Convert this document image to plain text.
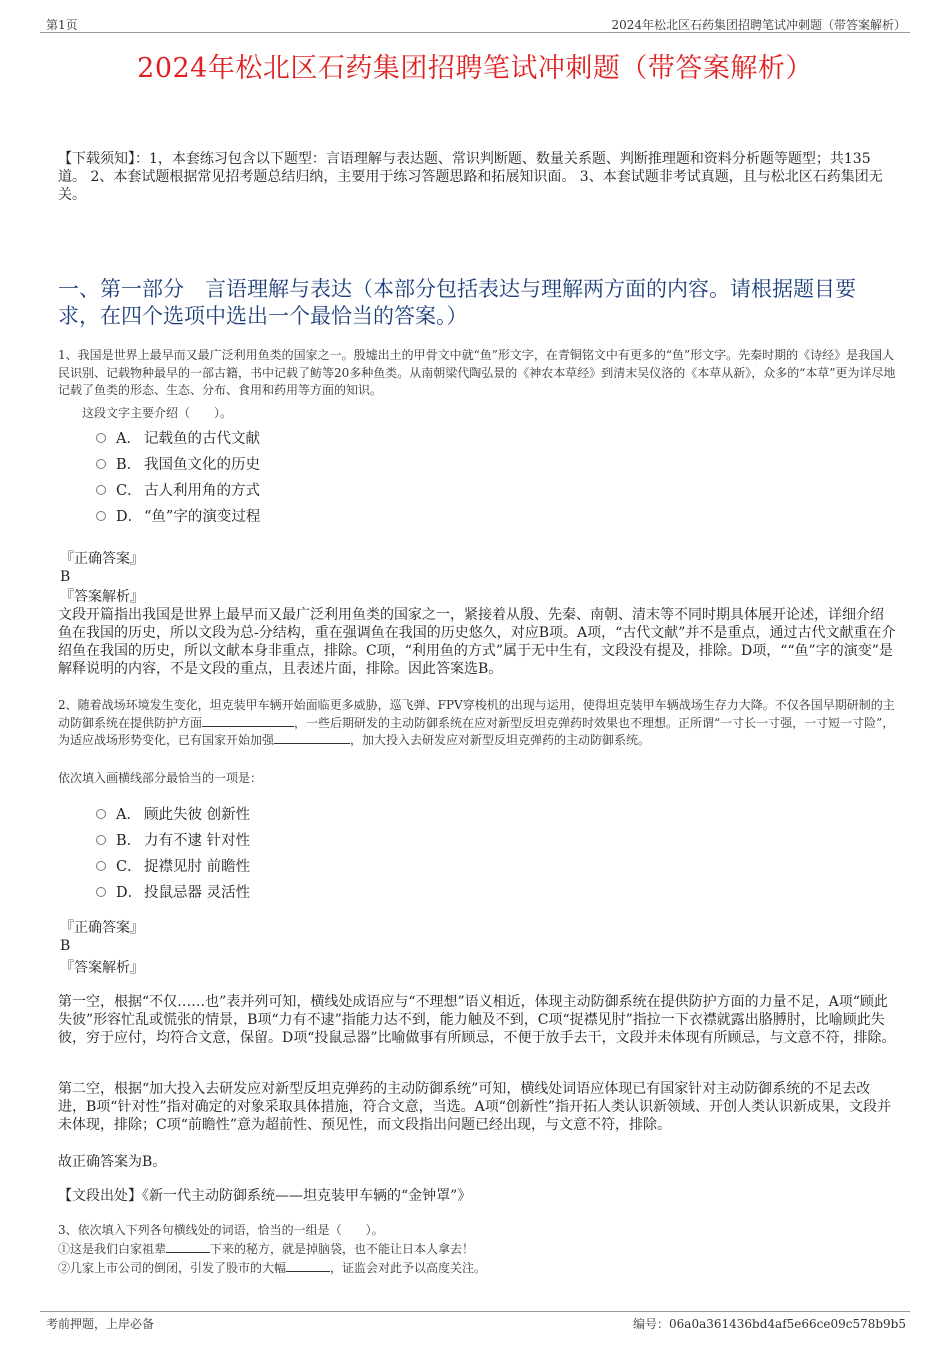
第1页	2024年松北区石药集团招聘笔试冲刺题（带答案解析）
2024年松北区石药集团招聘笔试冲刺题（带答案解析）
【下载须知】：1，本套练习包含以下题型：言语理解与表达题、常识判断题、数量关系题、判断推理题和资料分析题等题型；共135道。 2、本套试题根据常见招考题总结归纳，主要用于练习答题思路和拓展知识面。 3、本套试题非考试真题，且与松北区石药集团无关。
一、第一部分　言语理解与表达（本部分包括表达与理解两方面的内容。请根据题目要求，在四个选项中选出一个最恰当的答案。）
1、我国是世界上最早而又最广泛利用鱼类的国家之一。殷墟出土的甲骨文中就“鱼”形文字，在青铜铭文中有更多的“鱼”形文字。先秦时期的《诗经》是我国人民识别、记载物种最早的一部古籍，书中记载了鲂等20多种鱼类。从南朝梁代陶弘景的《神农本草经》到清末吴仪洛的《本草从新》，众多的“本草”更为详尽地记载了鱼类的形态、生态、分布、食用和药用等方面的知识。
这段文字主要介绍（　　）。
A． 记载鱼的古代文献
B． 我国鱼文化的历史
C． 古人利用角的方式
D． “鱼”字的演变过程
『正确答案』
B
『答案解析』
文段开篇指出我国是世界上最早而又最广泛利用鱼类的国家之一，紧接着从殷、先秦、南朝、清末等不同时期具体展开论述，详细介绍鱼在我国的历史，所以文段为总-分结构，重在强调鱼在我国的历史悠久，对应B项。A项，“古代文献”并不是重点，通过古代文献重在介绍鱼在我国的历史，所以文献本身非重点，排除。C项，“利用鱼的方式”属于无中生有，文段没有提及，排除。D项，““鱼”字的演变”是解释说明的内容，不是文段的重点，且表述片面，排除。因此答案选B。
2、随着战场环境发生变化，坦克装甲车辆开始面临更多威胁，巡飞弹、FPV穿梭机的出现与运用，使得坦克装甲车辆战场生存力大降。不仅各国早期研制的主动防御系统在提供防护方面	，一些后期研发的主动防御系统在应对新型反坦克弹药时效果也不理想。正所谓“一寸长一寸强，一寸短一寸险”，为适应战场形势变化，已有国家开始加强	，加大投入去研发应对新型反坦克弹药的主动防御系统。
依次填入画横线部分最恰当的一项是：
A． 顾此失彼 创新性
B． 力有不逮 针对性
C． 捉襟见肘 前瞻性
D． 投鼠忌器 灵活性
『正确答案』
B
『答案解析』
第一空，根据“不仅……也”表并列可知，横线处成语应与“不理想”语义相近，体现主动防御系统在提供防护方面的力量不足，A项“顾此失彼”形容忙乱或慌张的情景，B项“力有不逮”指能力达不到，能力触及不到，C项“捉襟见肘”指拉一下衣襟就露出胳膊肘，比喻顾此失彼，穷于应付，均符合文意，保留。D项“投鼠忌器”比喻做事有所顾忌，不便于放手去干，文段并未体现有所顾忌，与文意不符，排除。
第二空，根据“加大投入去研发应对新型反坦克弹药的主动防御系统”可知，横线处词语应体现已有国家针对主动防御系统的不足去改进，B项“针对性”指对确定的对象采取具体措施，符合文意，当选。A项“创新性”指开拓人类认识新领域、开创人类认识新成果，文段并未体现，排除；C项“前瞻性”意为超前性、预见性，而文段指出问题已经出现，与文意不符，排除。
故正确答案为B。
【文段出处】《新一代主动防御系统——坦克装甲车辆的“金钟罩”》
3、依次填入下列各句横线处的词语，恰当的一组是（　　）。
①这是我们白家祖辈	下来的秘方，就是掉脑袋，也不能让日本人拿去！
②几家上市公司的倒闭，引发了股市的大幅	，证监会对此予以高度关注。
考前押题，上岸必备	编号：06a0a361436bd4af5e66ce09c578b9b5
